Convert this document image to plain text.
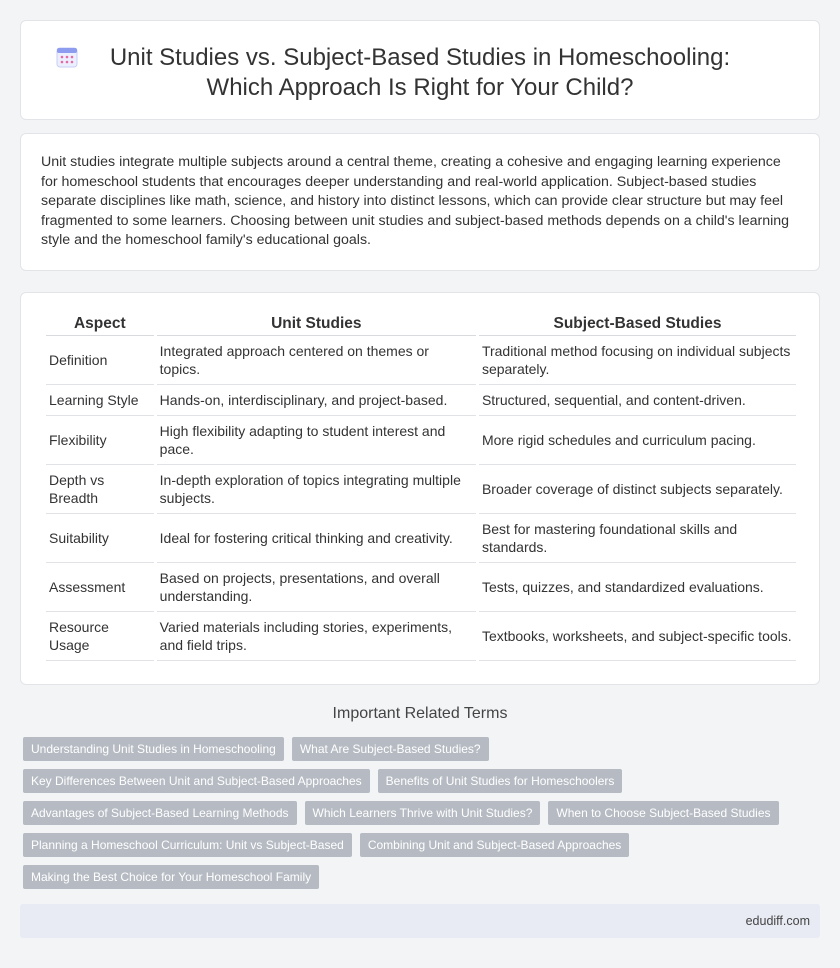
Unit Studies vs. Subject-Based Studies in Homeschooling: Which Approach Is Right for Your Child?

Unit studies integrate multiple subjects around a central theme, creating a cohesive and engaging learning experience for homeschool students that encourages deeper understanding and real-world application. Subject-based studies separate disciplines like math, science, and history into distinct lessons, which can provide clear structure but may feel fragmented to some learners. Choosing between unit studies and subject-based methods depends on a child's learning style and the homeschool family's educational goals.

Aspect	Unit Studies	Subject-Based Studies
Definition	Integrated approach centered on themes or topics.	Traditional method focusing on individual subjects separately.
Learning Style	Hands-on, interdisciplinary, and project-based.	Structured, sequential, and content-driven.
Flexibility	High flexibility adapting to student interest and pace.	More rigid schedules and curriculum pacing.
Depth vs Breadth	In-depth exploration of topics integrating multiple subjects.	Broader coverage of distinct subjects separately.
Suitability	Ideal for fostering critical thinking and creativity.	Best for mastering foundational skills and standards.
Assessment	Based on projects, presentations, and overall understanding.	Tests, quizzes, and standardized evaluations.
Resource Usage	Varied materials including stories, experiments, and field trips.	Textbooks, worksheets, and subject-specific tools.
Important Related Terms
Understanding Unit Studies in Homeschooling	What Are Subject-Based Studies?
Key Differences Between Unit and Subject-Based Approaches	Benefits of Unit Studies for Homeschoolers
Advantages of Subject-Based Learning Methods	Which Learners Thrive with Unit Studies?	When to Choose Subject-Based Studies
Planning a Homeschool Curriculum: Unit vs Subject-Based	Combining Unit and Subject-Based Approaches
Making the Best Choice for Your Homeschool Family
edudiff.com
